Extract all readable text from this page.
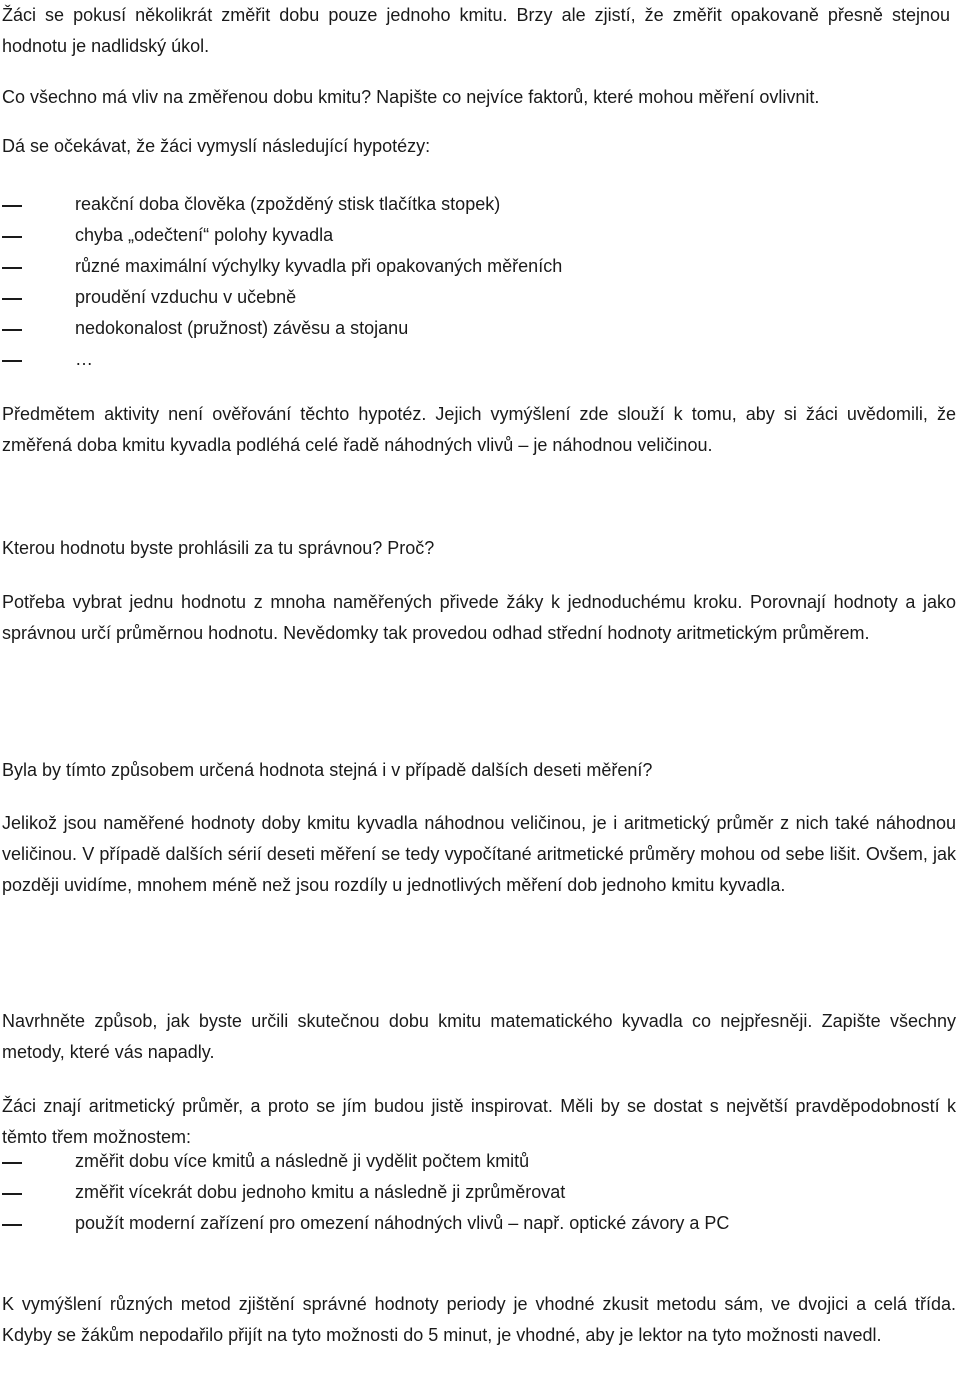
Žáci se pokusí několikrát změřit dobu pouze jednoho kmitu. Brzy ale zjistí, že změřit opakovaně přesně stejnou hodnotu je nadlidský úkol.

Co všechno má vliv na změřenou dobu kmitu? Napište co nejvíce faktorů, které mohou měření ovlivnit.

Dá se očekávat, že žáci vymyslí následující hypotézy:

reakční doba člověka (zpožděný stisk tlačítka stopek)
chyba „odečtení“ polohy kyvadla
různé maximální výchylky kyvadla při opakovaných měřeních
proudění vzduchu v učebně
nedokonalost (pružnost) závěsu a stojanu
…

Předmětem aktivity není ověřování těchto hypotéz. Jejich vymýšlení zde slouží k tomu, aby si žáci uvědomili, že změřená doba kmitu kyvadla podléhá celé řadě náhodných vlivů – je náhodnou veličinou.

Kterou hodnotu byste prohlásili za tu správnou? Proč?

Potřeba vybrat jednu hodnotu z mnoha naměřených přivede žáky k jednoduchému kroku. Porovnají hodnoty a jako správnou určí průměrnou hodnotu. Nevědomky tak provedou odhad střední hodnoty aritmetickým průměrem.

Byla by tímto způsobem určená hodnota stejná i v případě dalších deseti měření?

Jelikož jsou naměřené hodnoty doby kmitu kyvadla náhodnou veličinou, je i aritmetický průměr z nich také náhodnou veličinou. V případě dalších sérií deseti měření se tedy vypočítané aritmetické průměry mohou od sebe lišit. Ovšem, jak později uvidíme, mnohem méně než jsou rozdíly u jednotlivých měření dob jednoho kmitu kyvadla.

Navrhněte způsob, jak byste určili skutečnou dobu kmitu matematického kyvadla co nejpřesněji. Zapište všechny metody, které vás napadly.

Žáci znají aritmetický průměr, a proto se jím budou jistě inspirovat. Měli by se dostat s největší pravděpodobností k těmto třem možnostem:

změřit dobu více kmitů a následně ji vydělit počtem kmitů
změřit vícekrát dobu jednoho kmitu a následně ji zprůměrovat
použít moderní zařízení pro omezení náhodných vlivů – např. optické závory a PC

K vymýšlení různých metod zjištění správné hodnoty periody je vhodné zkusit metodu sám, ve dvojici a celá třída. Kdyby se žákům nepodařilo přijít na tyto možnosti do 5 minut, je vhodné, aby je lektor na tyto možnosti navedl.
